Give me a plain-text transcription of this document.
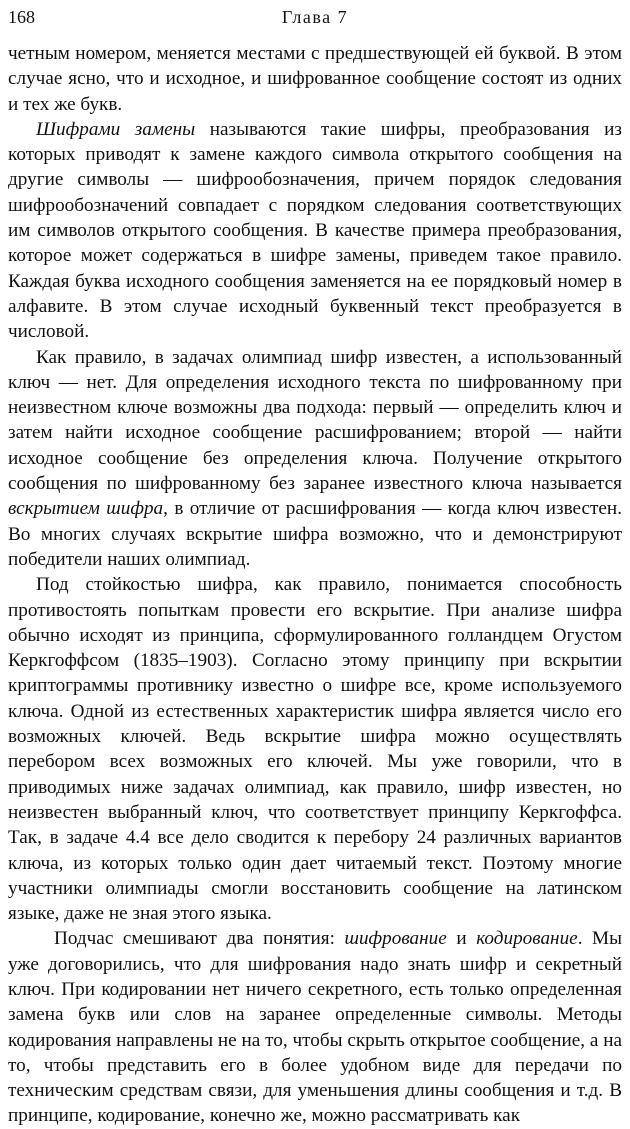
168	Глава 7

четным номером, меняется местами с предшествующей ей буквой. В этом случае ясно, что и исходное, и шифрованное сообщение состоят из одних и тех же букв.

Шифрами замены называются такие шифры, преобразования из которых приводят к замене каждого символа открытого сообщения на другие символы — шифрообозначения, причем порядок следования шифрообозначений совпадает с порядком следования соответствующих им символов открытого сообщения. В качестве примера преобразования, которое может содержаться в шифре замены, приведем такое правило. Каждая буква исходного сообщения заменяется на ее порядковый номер в алфавите. В этом случае исходный буквенный текст преобразуется в числовой.

Как правило, в задачах олимпиад шифр известен, а использованный ключ — нет. Для определения исходного текста по шифрованному при неизвестном ключе возможны два подхода: первый — определить ключ и затем найти исходное сообщение расшифрованием; второй — найти исходное сообщение без определения ключа. Получение открытого сообщения по шифрованному без заранее известного ключа называется вскрытием шифра, в отличие от расшифрования — когда ключ известен. Во многих случаях вскрытие шифра возможно, что и демонстрируют победители наших олимпиад.

Под стойкостью шифра, как правило, понимается способность противостоять попыткам провести его вскрытие. При анализе шифра обычно исходят из принципа, сформулированного голландцем Огустом Керкгоффсом (1835–1903). Согласно этому принципу при вскрытии криптограммы противнику известно о шифре все, кроме используемого ключа. Одной из естественных характеристик шифра является число его возможных ключей. Ведь вскрытие шифра можно осуществлять перебором всех возможных его ключей. Мы уже говорили, что в приводимых ниже задачах олимпиад, как правило, шифр известен, но неизвестен выбранный ключ, что соответствует принципу Керкгоффса. Так, в задаче 4.4 все дело сводится к перебору 24 различных вариантов ключа, из которых только один дает читаемый текст. Поэтому многие участники олимпиады смогли восстановить сообщение на латинском языке, даже не зная этого языка.

Подчас смешивают два понятия: шифрование и кодирование. Мы уже договорились, что для шифрования надо знать шифр и секретный ключ. При кодировании нет ничего секретного, есть только определенная замена букв или слов на заранее определенные символы. Методы кодирования направлены не на то, чтобы скрыть открытое сообщение, а на то, чтобы представить его в более удобном виде для передачи по техническим средствам связи, для уменьшения длины сообщения и т.д. В принципе, кодирование, конечно же, можно рассматривать как
